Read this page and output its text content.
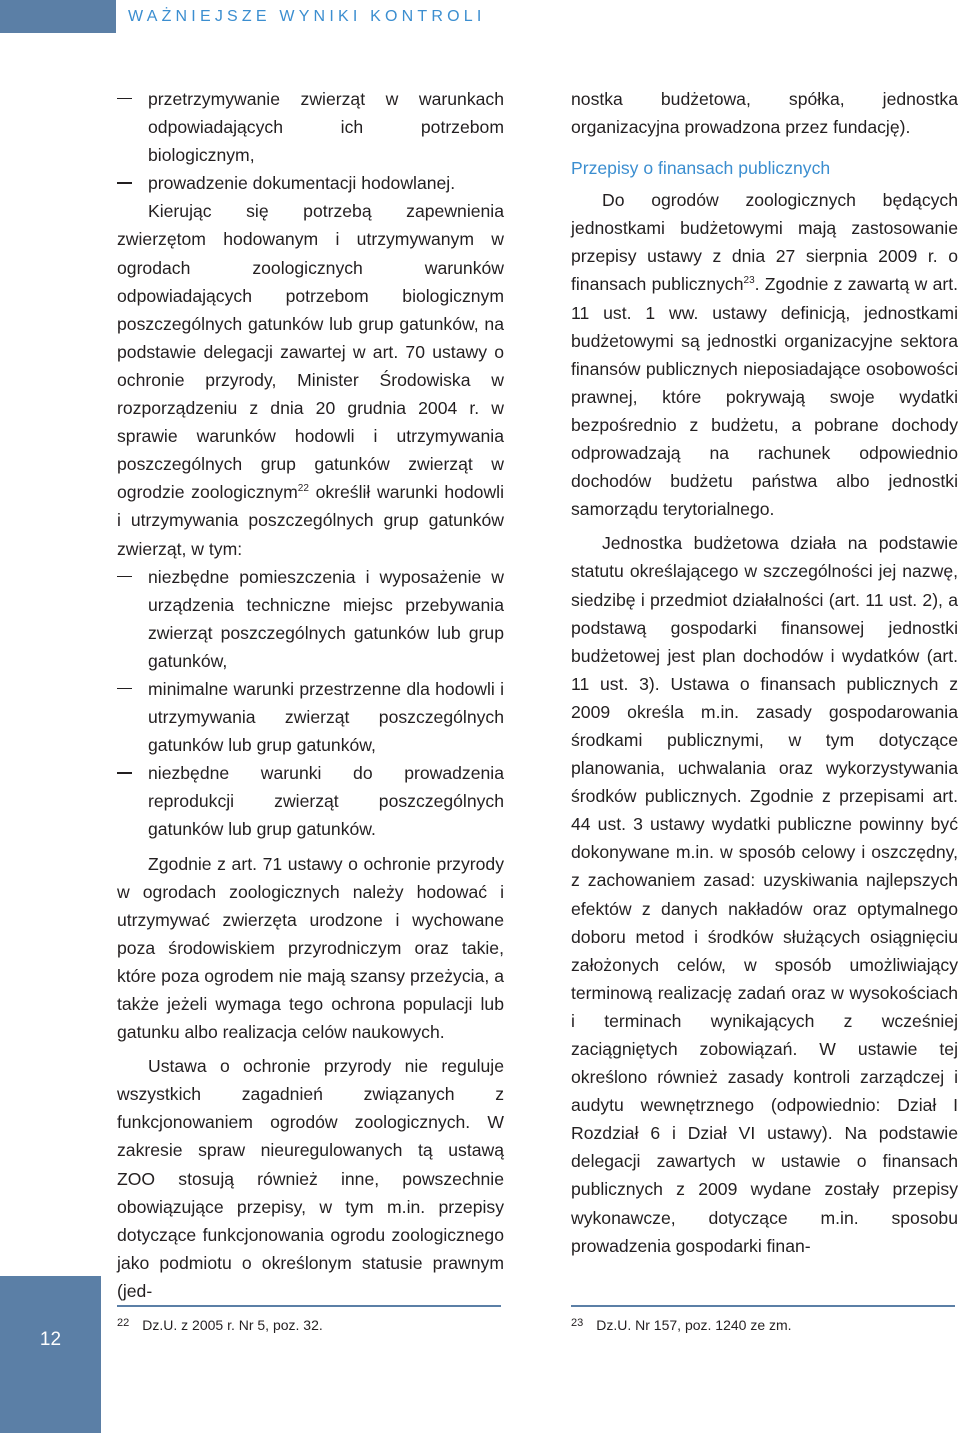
WAŻNIEJSZE WYNIKI KONTROLI
przetrzymywanie zwierząt w warunkach odpowiadających ich potrzebom biologicznym,
prowadzenie dokumentacji hodowlanej.

Kierując się potrzebą zapewnienia zwierzętom hodowanym i utrzymywanym w ogrodach zoologicznych warunków odpowiadających potrzebom biologicznym poszczególnych gatunków lub grup gatunków, na podstawie delegacji zawartej w art. 70 ustawy o ochronie przyrody, Minister Środowiska w rozporządzeniu z dnia 20 grudnia 2004 r. w sprawie warunków hodowli i utrzymywania poszczególnych grup gatunków zwierząt w ogrodzie zoologicznym$^{22}$ określił warunki hodowli i utrzymywania poszczególnych grup gatunków zwierząt, w tym:

niezbędne pomieszczenia i wyposażenie w urządzenia techniczne miejsc przebywania zwierząt poszczególnych gatunków lub grup gatunków,
minimalne warunki przestrzenne dla hodowli i utrzymywania zwierząt poszczególnych gatunków lub grup gatunków,
niezbędne warunki do prowadzenia reprodukcji zwierząt poszczególnych gatunków lub grup gatunków.

Zgodnie z art. 71 ustawy o ochronie przyrody w ogrodach zoologicznych należy hodować i utrzymywać zwierzęta urodzone i wychowane poza środowiskiem przyrodniczym oraz takie, które poza ogrodem nie mają szansy przeżycia, a także jeżeli wymaga tego ochrona populacji lub gatunku albo realizacja celów naukowych.

Ustawa o ochronie przyrody nie reguluje wszystkich zagadnień związanych z funkcjonowaniem ogrodów zoologicznych. W zakresie spraw nieuregulowanych tą ustawą ZOO stosują również inne, powszechnie obowiązujące przepisy, w tym m.in. przepisy dotyczące funkcjonowania ogrodu zoologicznego jako podmiotu o określonym statusie prawnym (jed-

nostka budżetowa, spółka, jednostka organizacyjna prowadzona przez fundację).

Przepisy o finansach publicznych

Do ogrodów zoologicznych będących jednostkami budżetowymi mają zastosowanie przepisy ustawy z dnia 27 sierpnia 2009 r. o finansach publicznych$^{23}$. Zgodnie z zawartą w art. 11 ust. 1 ww. ustawy definicją, jednostkami budżetowymi są jednostki organizacyjne sektora finansów publicznych nieposiadające osobowości prawnej, które pokrywają swoje wydatki bezpośrednio z budżetu, a pobrane dochody odprowadzają na rachunek odpowiednio dochodów budżetu państwa albo jednostki samorządu terytorialnego.

Jednostka budżetowa działa na podstawie statutu określającego w szczególności jej nazwę, siedzibę i przedmiot działalności (art. 11 ust. 2), a podstawą gospodarki finansowej jednostki budżetowej jest plan dochodów i wydatków (art. 11 ust. 3). Ustawa o finansach publicznych z 2009 określa m.in. zasady gospodarowania środkami publicznymi, w tym dotyczące planowania, uchwalania oraz wykorzystywania środków publicznych. Zgodnie z przepisami art. 44 ust. 3 ustawy wydatki publiczne powinny być dokonywane m.in. w sposób celowy i oszczędny, z zachowaniem zasad: uzyskiwania najlepszych efektów z danych nakładów oraz optymalnego doboru metod i środków służących osiągnięciu założonych celów, w sposób umożliwiający terminową realizację zadań oraz w wysokościach i terminach wynikających z wcześniej zaciągniętych zobowiązań. W ustawie tej określono również zasady kontroli zarządczej i audytu wewnętrznego (odpowiednio: Dział I Rozdział 6 i Dział VI ustawy). Na podstawie delegacji zawartych w ustawie o finansach publicznych z 2009 wydane zostały przepisy wykonawcze, dotyczące m.in. sposobu prowadzenia gospodarki finan-

12
$^{22}$ Dz.U. z 2005 r. Nr 5, poz. 32.	$^{23}$ Dz.U. Nr 157, poz. 1240 ze zm.
